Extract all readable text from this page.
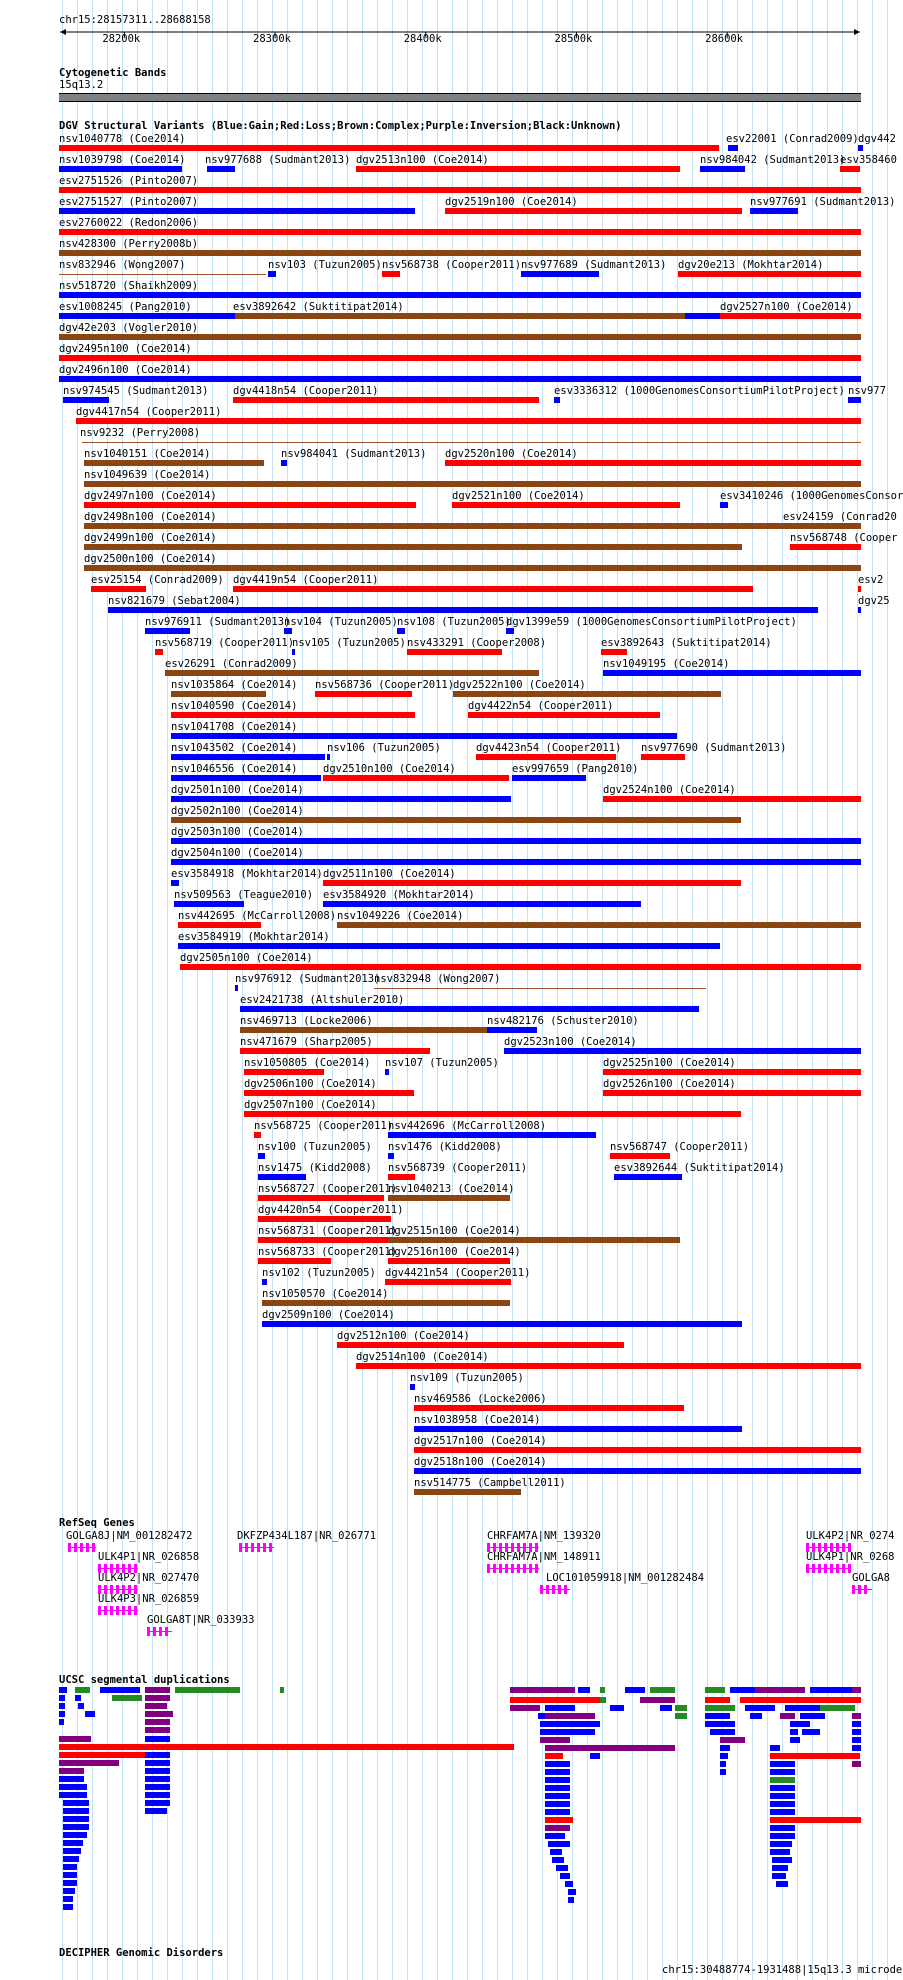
chr15:28157311..28688158
28200k	28300k	28400k	28500k	28600k
Cytogenetic Bands
15q13.2
DGV Structural Variants (Blue:Gain;Red:Loss;Brown:Complex;Purple:Inversion;Black:Unknown)
nsv1040778 (Coe2014)	esv22001 (Conrad2009) dgv442
nsv1039798 (Coe2014) nsv977688 (Sudmant2013) dgv2513n100 (Coe2014)	nsv984042 (Sudmant2013)
esv358460
esv2751526 (Pinto2007)
esv2751527 (Pinto2007)	dgv2519n100 (Coe2014)	nsv977691 (Sudmant2013)
esv2760022 (Redon2006)
nsv428300 (Perry2008b)
nsv832946 (Wong2007)	nsv103 (Tuzun2005) nsv568738 (Cooper2011) nsv977689 (Sudmant2013) dgv20e213 (Mokhtar2014)
nsv518720 (Shaikh2009)
esv1008245 (Pang2010)	esv3892642 (Suktitipat2014)	dgv2527n100 (Coe2014)
dgv42e203 (Vogler2010)
dgv2495n100 (Coe2014)
dgv2496n100 (Coe2014)
nsv974545 (Sudmant2013) dgv4418n54 (Cooper2011)	esv3336312 (1000GenomesConsortiumPilotProject) nsv977
dgv4417n54 (Cooper2011)
nsv9232 (Perry2008)
nsv1040151 (Coe2014)	nsv984041 (Sudmant2013) dgv2520n100 (Coe2014)
nsv1049639 (Coe2014)
dgv2497n100 (Coe2014)	dgv2521n100 (Coe2014)	esv3410246 (1000GenomesConsor
dgv2498n100 (Coe2014)	esv24159 (Conrad20
dgv2499n100 (Coe2014)	nsv568748 (Cooper
dgv2500n100 (Coe2014)
esv25154 (Conrad2009) dgv4419n54 (Cooper2011)	esv2
nsv821679 (Sebat2004)	dgv25
nsv976911 (Sudmant2013)
nsv104 (Tuzun2005) nsv108 (Tuzun2005)
dgv1399e59 (1000GenomesConsortiumPilotProject)
nsv568719 (Cooper2011)
nsv105 (Tuzun2005) nsv433291 (Cooper2008)	esv3892643 (Suktitipat2014)
esv26291 (Conrad2009)	nsv1049195 (Coe2014)
nsv1035864 (Coe2014) nsv568736 (Cooper2011)
dgv2522n100 (Coe2014)
nsv1040590 (Coe2014)	dgv4422n54 (Cooper2011)
nsv1041708 (Coe2014)
nsv1043502 (Coe2014)	nsv106 (Tuzun2005)	dgv4423n54 (Cooper2011) nsv977690 (Sudmant2013)
nsv1046556 (Coe2014) dgv2510n100 (Coe2014)	esv997659 (Pang2010)
dgv2501n100 (Coe2014)	dgv2524n100 (Coe2014)
dgv2502n100 (Coe2014)
dgv2503n100 (Coe2014)
dgv2504n100 (Coe2014)
esv3584918 (Mokhtar2014) dgv2511n100 (Coe2014)
nsv509563 (Teague2010) esv3584920 (Mokhtar2014)
nsv442695 (McCarroll2008) nsv1049226 (Coe2014)
esv3584919 (Mokhtar2014)
dgv2505n100 (Coe2014)
nsv976912 (Sudmant2013)
nsv832948 (Wong2007)
esv2421738 (Altshuler2010)
nsv469713 (Locke2006)	nsv482176 (Schuster2010)
nsv471679 (Sharp2005)	dgv2523n100 (Coe2014)
nsv1050805 (Coe2014) nsv107 (Tuzun2005)	dgv2525n100 (Coe2014)
dgv2506n100 (Coe2014)	dgv2526n100 (Coe2014)
dgv2507n100 (Coe2014)
nsv568725 (Cooper2011)
nsv442696 (McCarroll2008)
nsv100 (Tuzun2005) nsv1476 (Kidd2008)	nsv568747 (Cooper2011)
nsv1475 (Kidd2008) nsv568739 (Cooper2011)	esv3892644 (Suktitipat2014)
nsv568727 (Cooper2011)
nsv1040213 (Coe2014)
dgv4420n54 (Cooper2011)
nsv568731 (Cooper2011)
dgv2515n100 (Coe2014)
nsv568733 (Cooper2011)
dgv2516n100 (Coe2014)
nsv102 (Tuzun2005) dgv4421n54 (Cooper2011)
nsv1050570 (Coe2014)
dgv2509n100 (Coe2014)
dgv2512n100 (Coe2014)
dgv2514n100 (Coe2014)
nsv109 (Tuzun2005)
nsv469586 (Locke2006)
nsv1038958 (Coe2014)
dgv2517n100 (Coe2014)
dgv2518n100 (Coe2014)
nsv514775 (Campbell2011)
RefSeq Genes
GOLGA8J|NM_001282472	DKFZP434L187|NR_026771	CHRFAM7A|NM_139320	ULK4P2|NR_0274
ULK4P1|NR_026858	CHRFAM7A|NM_148911	ULK4P1|NR_0268
ULK4P2|NR_027470	LOC101059918|NM_001282484	GOLGA8
ULK4P3|NR_026859
GOLGA8T|NR_033933
UCSC segmental duplications
DECIPHER Genomic Disorders
chr15:30488774-1931488|15q13.3 microde
